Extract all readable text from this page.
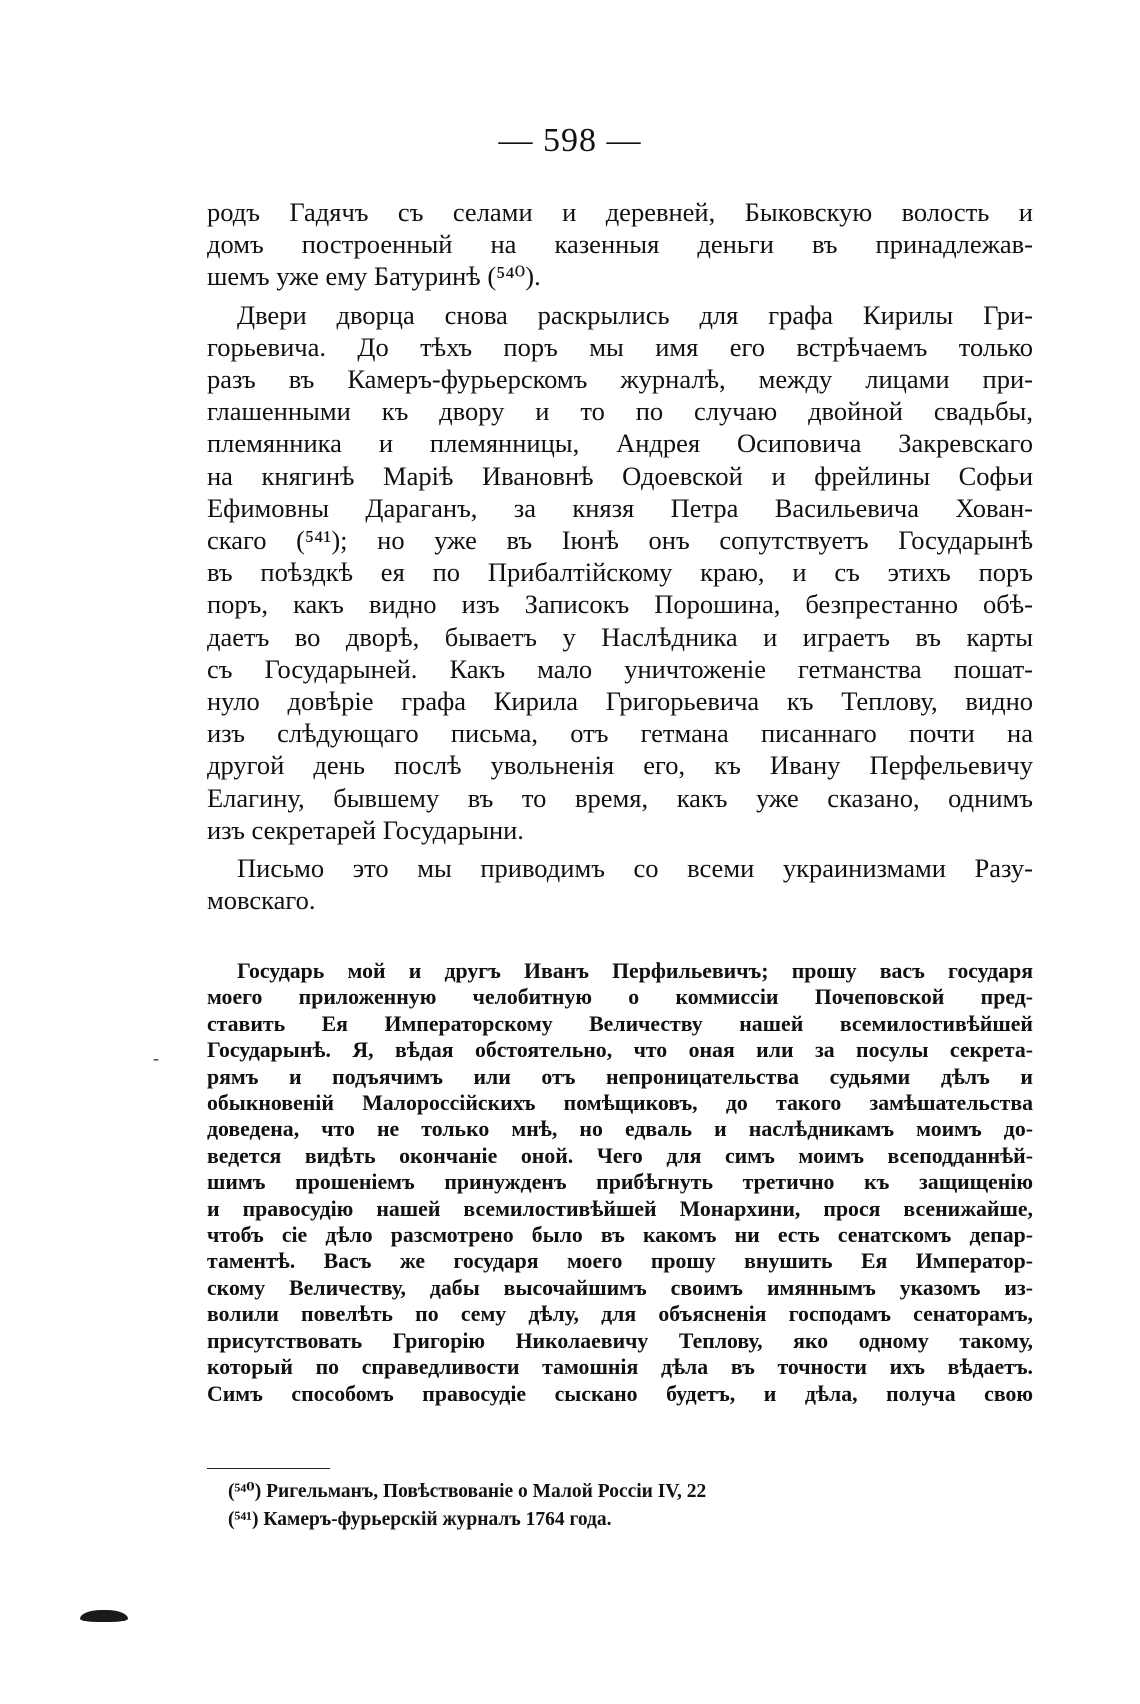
— 598 —
родъ Гадячъ съ селами и деревней, Быковскую волость и
домъ построенный на казенныя деньги въ принадлежав-
шемъ уже ему Батуринѣ (⁵⁴⁰).
Двери дворца снова раскрылись для графа Кирилы Гри-
горьевича. До тѣхъ поръ мы имя его встрѣчаемъ только
разъ въ Камеръ-фурьерскомъ журналѣ, между лицами при-
глашенными къ двору и то по случаю двойной свадьбы,
племянника и племянницы, Андрея Осиповича Закревскаго
на княгинѣ Марiѣ Ивановнѣ Одоевской и фрейлины Софьи
Ефимовны Дараганъ, за князя Петра Васильевича Хован-
скаго (⁵⁴¹); но уже въ Iюнѣ онъ сопутствуетъ Государынѣ
въ поѣздкѣ ея по Прибалтiйскому краю, и съ этихъ поръ
поръ, какъ видно изъ Записокъ Порошина, безпрестанно обѣ-
даетъ во дворѣ, бываетъ у Наслѣдника и играетъ въ карты
съ Государыней. Какъ мало уничтоженiе гетманства пошат-
нуло довѣрiе графа Кирила Григорьевича къ Теплову, видно
изъ слѣдующаго письма, отъ гетмана писаннаго почти на
другой день послѣ увольненiя его, къ Ивану Перфельевичу
Елагину, бывшему въ то время, какъ уже сказано, однимъ
изъ секретарей Государыни.
Письмо это мы приводимъ со всеми украинизмами Разу-
мовскаго.
-
Государь мой и другъ Иванъ Перфильевичъ; прошу васъ государя
моего приложенную челобитную о коммиссiи Почеповской пред-
ставить Ея Императорскому Величеству нашей всемилостивѣйшей
Государынѣ. Я, вѣдая обстоятельно, что оная или за посулы секрета-
рямъ и подъячимъ или отъ непроницательства судьями дѣлъ и
обыкновенiй Малороссiйскихъ помѣщиковъ, до такого замѣшательства
доведена, что не только мнѣ, но едваль и наслѣдникамъ моимъ до-
ведется видѣть окончанiе оной. Чего для симъ моимъ всеподданнѣй-
шимъ прошенiемъ принужденъ прибѣгнуть третично къ защищенiю
и правосудiю нашей всемилостивѣйшей Монархини, прося всенижайше,
чтобъ сiе дѣло разсмотрено было въ какомъ ни есть сенатскомъ депар-
таментѣ. Васъ же государя моего прошу внушить Ея Император-
скому Величеству, дабы высочайшимъ своимъ имяннымъ указомъ из-
волили повелѣть по сему дѣлу, для объясненiя господамъ сенаторамъ,
присутствовать Григорiю Николаевичу Теплову, яко одному такому,
который по справедливости тамошнiя дѣла въ точности ихъ вѣдаетъ.
Симъ способомъ правосудiе сыскано будетъ, и дѣла, получа свою
(⁵⁴⁰) Ригельманъ, Повѣствованiе о Малой Россiи IV, 22
(⁵⁴¹) Камеръ-фурьерскiй журналъ 1764 года.
